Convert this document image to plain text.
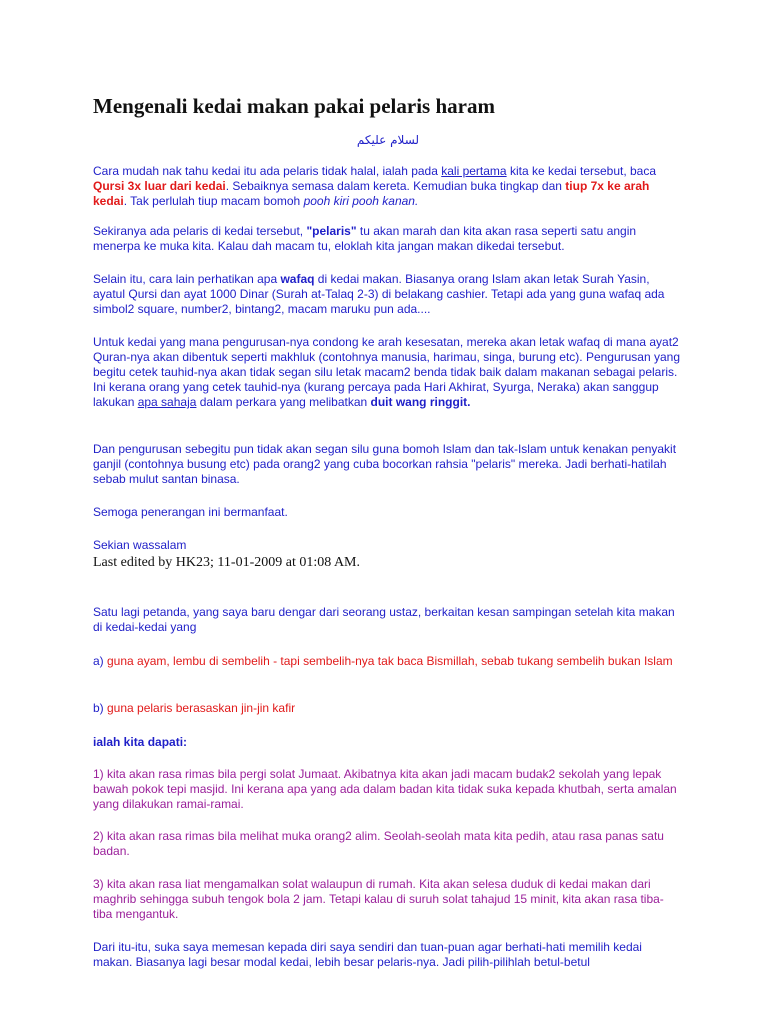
Mengenali kedai makan pakai pelaris haram
لسلام عليكم
Cara mudah nak tahu kedai itu ada pelaris tidak halal, ialah pada kali pertama kita ke kedai tersebut, baca Qursi 3x luar dari kedai. Sebaiknya semasa dalam kereta. Kemudian buka tingkap dan tiup 7x ke arah kedai. Tak perlulah tiup macam bomoh pooh kiri pooh kanan.
Sekiranya ada pelaris di kedai tersebut, "pelaris" tu akan marah dan kita akan rasa seperti satu angin menerpa ke muka kita. Kalau dah macam tu, eloklah kita jangan makan dikedai tersebut.
Selain itu, cara lain perhatikan apa wafaq di kedai makan. Biasanya orang Islam akan letak Surah Yasin, ayatul Qursi dan ayat 1000 Dinar (Surah at-Talaq 2-3) di belakang cashier. Tetapi ada yang guna wafaq ada simbol2 square, number2, bintang2, macam maruku pun ada....
Untuk kedai yang mana pengurusan-nya condong ke arah kesesatan, mereka akan letak wafaq di mana ayat2 Quran-nya akan dibentuk seperti makhluk (contohnya manusia, harimau, singa, burung etc). Pengurusan yang begitu cetek tauhid-nya akan tidak segan silu letak macam2 benda tidak baik dalam makanan sebagai pelaris. Ini kerana orang yang cetek tauhid-nya (kurang percaya pada Hari Akhirat, Syurga, Neraka) akan sanggup lakukan apa sahaja dalam perkara yang melibatkan duit wang ringgit.
Dan pengurusan sebegitu pun tidak akan segan silu guna bomoh Islam dan tak-Islam untuk kenakan penyakit ganjil (contohnya busung etc) pada orang2 yang cuba bocorkan rahsia "pelaris" mereka. Jadi berhati-hatilah sebab mulut santan binasa.
Semoga penerangan ini bermanfaat.
Sekian wassalam
Last edited by HK23; 11-01-2009 at 01:08 AM.
Satu lagi petanda, yang saya baru dengar dari seorang ustaz, berkaitan kesan sampingan setelah kita makan di kedai-kedai yang
a) guna ayam, lembu di sembelih - tapi sembelih-nya tak baca Bismillah, sebab tukang sembelih bukan Islam
b) guna pelaris berasaskan jin-jin kafir
ialah kita dapati:
1) kita akan rasa rimas bila pergi solat Jumaat. Akibatnya kita akan jadi macam budak2 sekolah yang lepak bawah pokok tepi masjid. Ini kerana apa yang ada dalam badan kita tidak suka kepada khutbah, serta amalan yang dilakukan ramai-ramai.
2) kita akan rasa rimas bila melihat muka orang2 alim. Seolah-seolah mata kita pedih, atau rasa panas satu badan.
3) kita akan rasa liat mengamalkan solat walaupun di rumah. Kita akan selesa duduk di kedai makan dari maghrib sehingga subuh tengok bola 2 jam. Tetapi kalau di suruh solat tahajud 15 minit, kita akan rasa tiba-tiba mengantuk.
Dari itu-itu, suka saya memesan kepada diri saya sendiri dan tuan-puan agar berhati-hati memilih kedai makan. Biasanya lagi besar modal kedai, lebih besar pelaris-nya. Jadi pilih-pilihlah betul-betul
